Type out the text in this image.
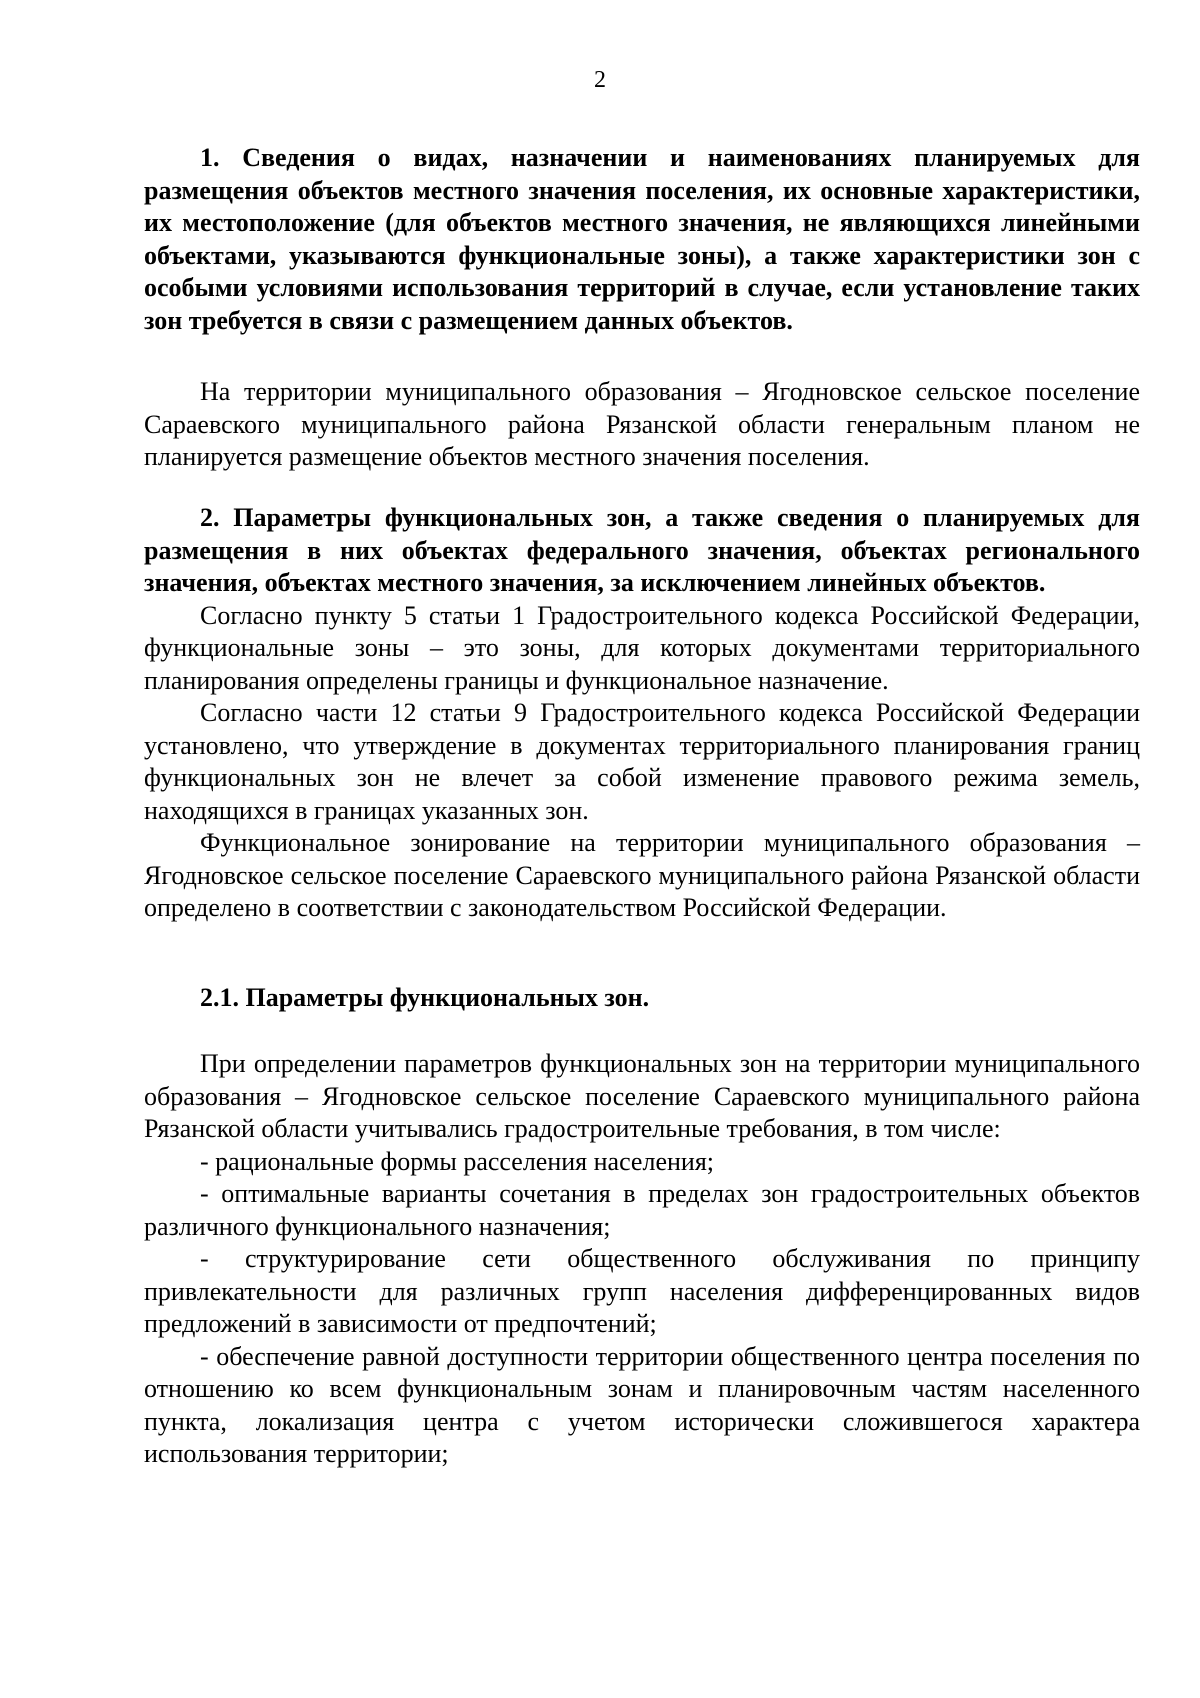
2

1. Сведения о видах, назначении и наименованиях планируемых для размещения объектов местного значения поселения, их основные характеристики, их местоположение (для объектов местного значения, не являющихся линейными объектами, указываются функциональные зоны), а также характеристики зон с особыми условиями использования территорий в случае, если установление таких зон требуется в связи с размещением данных объектов.

На территории муниципального образования – Ягодновское сельское поселение Сараевского муниципального района Рязанской области генеральным планом не планируется размещение объектов местного значения поселения.

2. Параметры функциональных зон, а также сведения о планируемых для размещения в них объектах федерального значения, объектах регионального значения, объектах местного значения, за исключением линейных объектов.

Согласно пункту 5 статьи 1 Градостроительного кодекса Российской Федерации, функциональные зоны – это зоны, для которых документами территориального планирования определены границы и функциональное назначение.

Согласно части 12 статьи 9 Градостроительного кодекса Российской Федерации установлено, что утверждение в документах территориального планирования границ функциональных зон не влечет за собой изменение правового режима земель, находящихся в границах указанных зон.

Функциональное зонирование на территории муниципального образования – Ягодновское сельское поселение Сараевского муниципального района Рязанской области определено в соответствии с законодательством Российской Федерации.

2.1. Параметры функциональных зон.

При определении параметров функциональных зон на территории муниципального образования – Ягодновское сельское поселение Сараевского муниципального района Рязанской области учитывались градостроительные требования, в том числе:

- рациональные формы расселения населения;

- оптимальные варианты сочетания в пределах зон градостроительных объектов различного функционального назначения;

- структурирование сети общественного обслуживания по принципу привлекательности для различных групп населения дифференцированных видов предложений в зависимости от предпочтений;

- обеспечение равной доступности территории общественного центра поселения по отношению ко всем функциональным зонам и планировочным частям населенного пункта, локализация центра с учетом исторически сложившегося характера использования территории;
